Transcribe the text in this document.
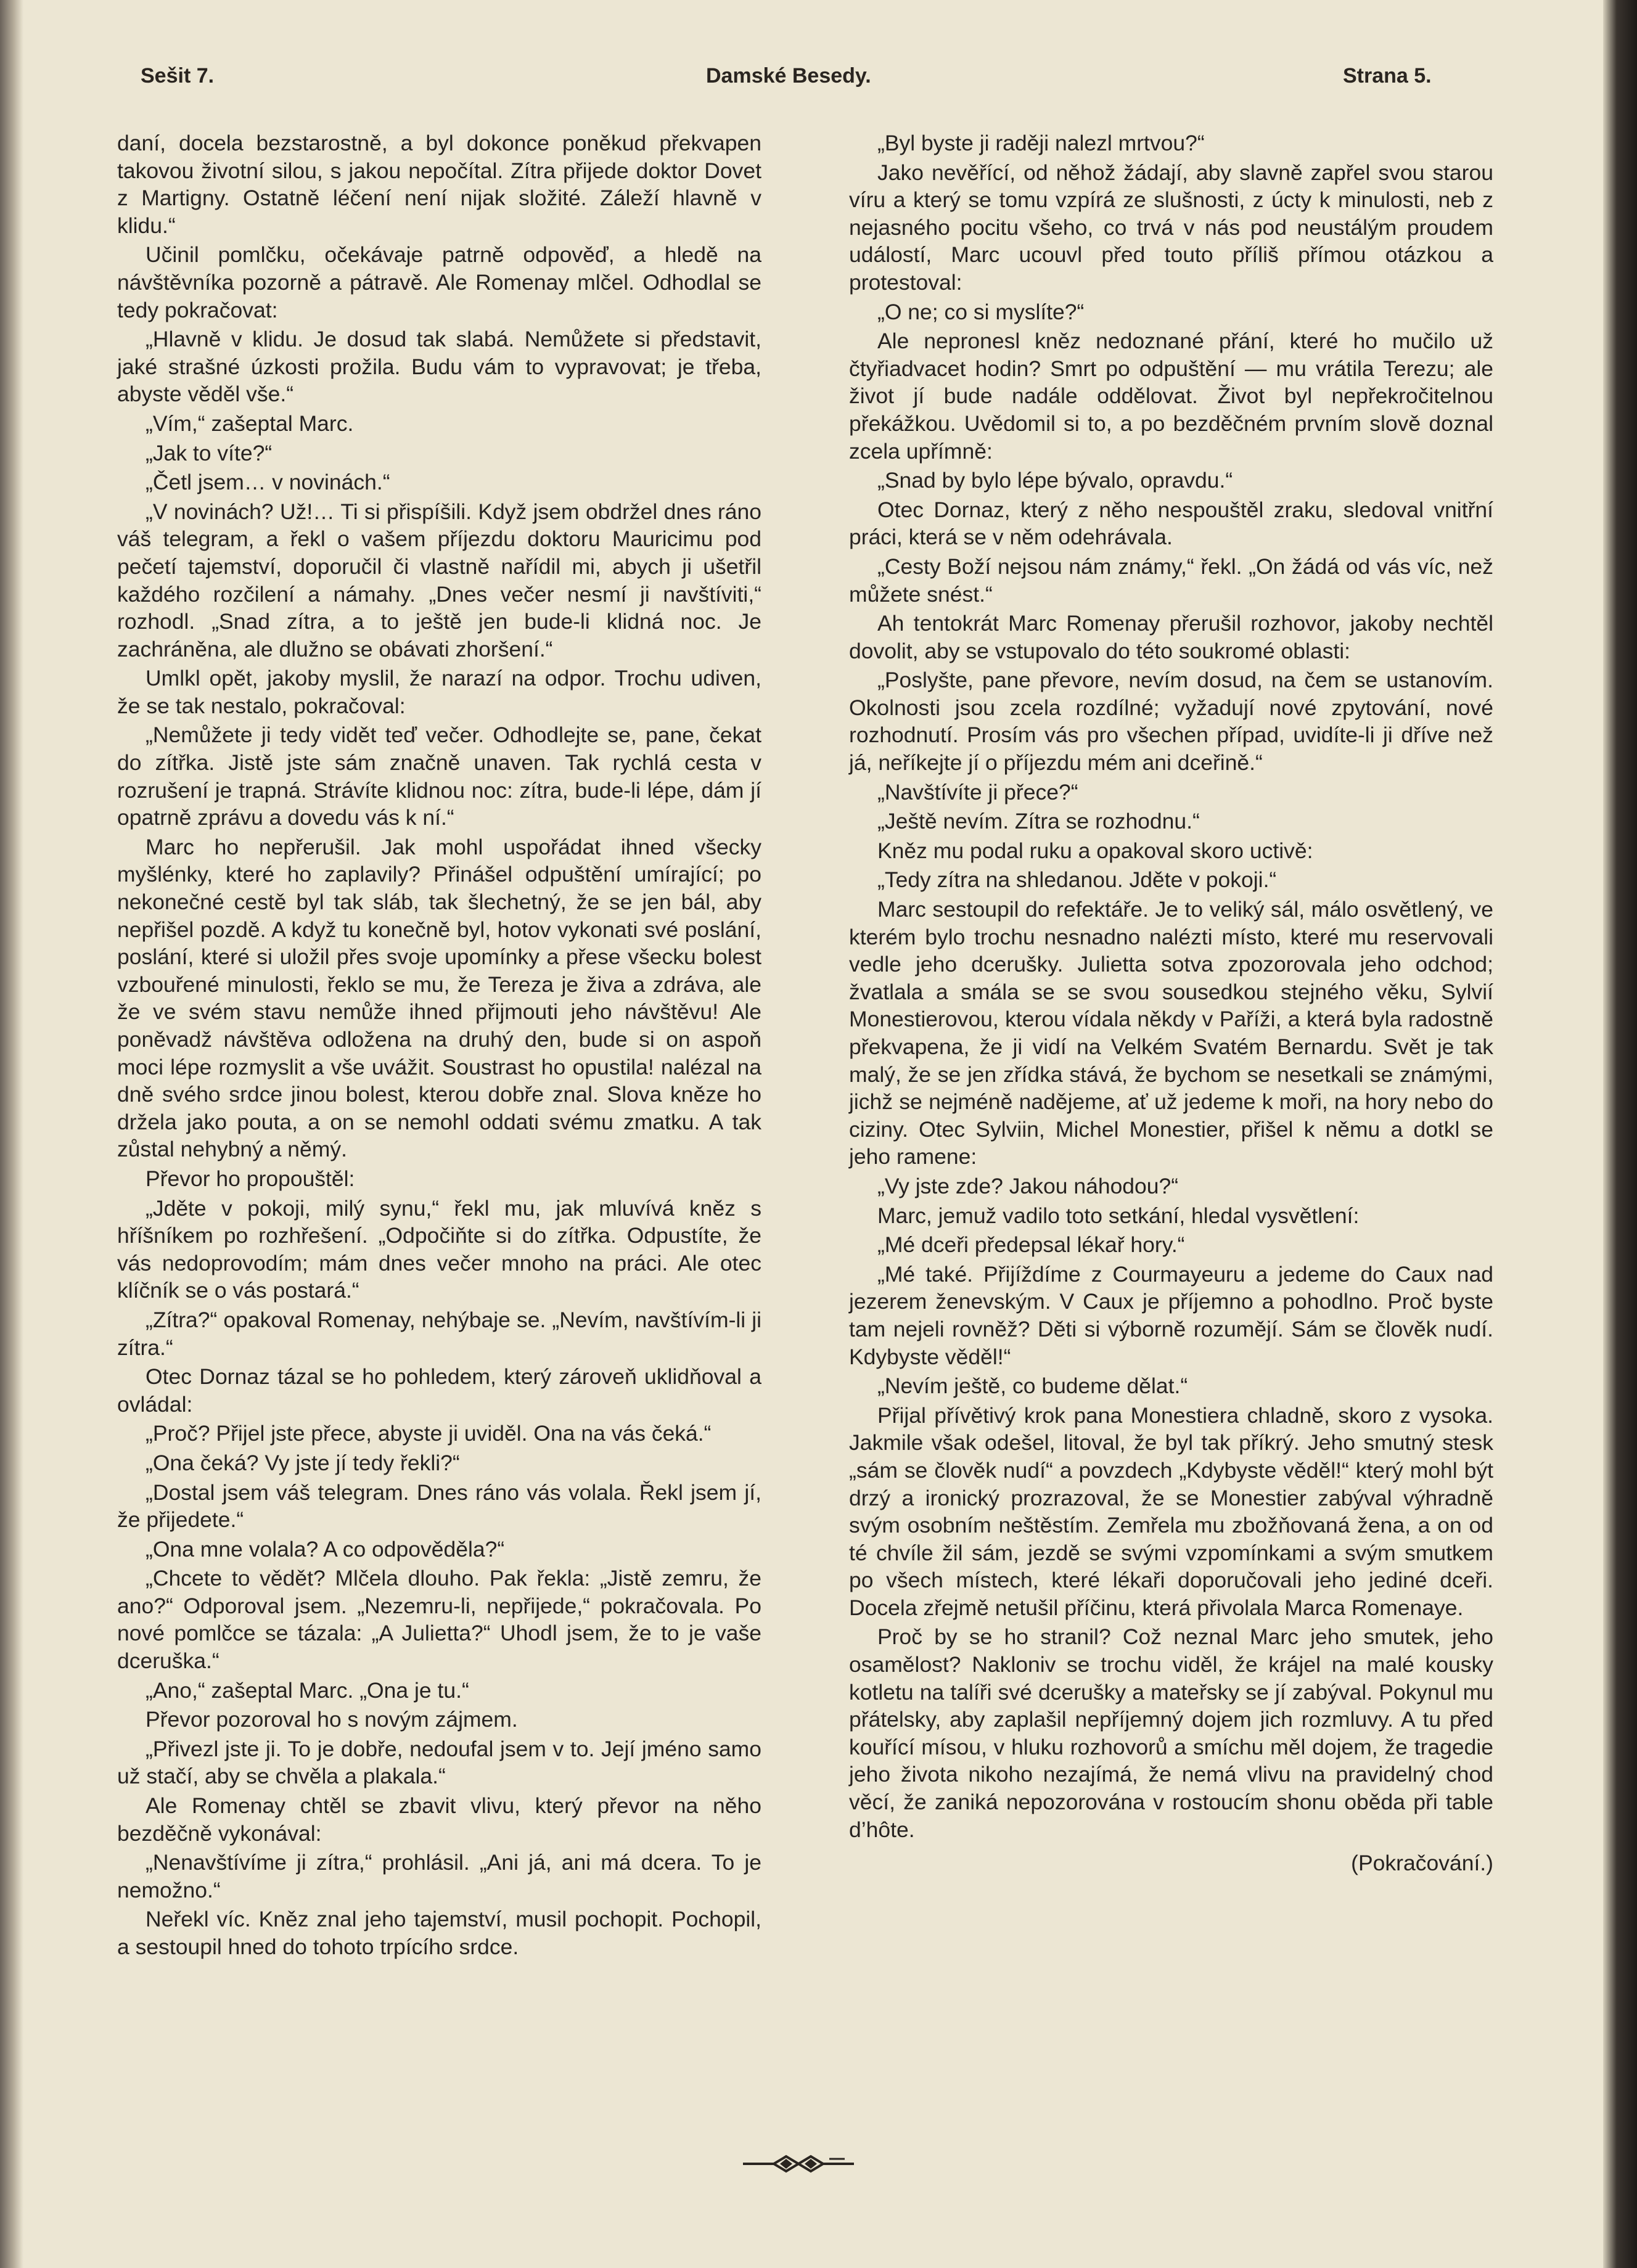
Sešit 7.	Damské Besedy.	Strana 5.

daní, docela bezstarostně, a byl dokonce poněkud překvapen takovou životní silou, s jakou nepočítal. Zítra přijede doktor Dovet z Martigny. Ostatně léčení není nijak složité. Záleží hlavně v klidu.“

Učinil pomlčku, očekávaje patrně odpověď, a hledě na návštěvníka pozorně a pátravě. Ale Romenay mlčel. Odhodlal se tedy pokračovat:

„Hlavně v klidu. Je dosud tak slabá. Nemůžete si představit, jaké strašné úzkosti prožila. Budu vám to vypravovat; je třeba, abyste věděl vše.“

„Vím,“ zašeptal Marc.

„Jak to víte?“

„Četl jsem… v novinách.“

„V novinách? Už!… Ti si přispíšili. Když jsem obdržel dnes ráno váš telegram, a řekl o vašem příjezdu doktoru Mauricimu pod pečetí tajemství, doporučil či vlastně nařídil mi, abych ji ušetřil každého rozčilení a námahy. „Dnes večer nesmí ji navštíviti,“ rozhodl. „Snad zítra, a to ještě jen bude-li klidná noc. Je zachráněna, ale dlužno se obávati zhoršení.“

Umlkl opět, jakoby myslil, že narazí na odpor. Trochu udiven, že se tak nestalo, pokračoval:

„Nemůžete ji tedy vidět teď večer. Odhodlejte se, pane, čekat do zítřka. Jistě jste sám značně unaven. Tak rychlá cesta v rozrušení je trapná. Strávíte klidnou noc: zítra, bude-li lépe, dám jí opatrně zprávu a dovedu vás k ní.“

Marc ho nepřerušil. Jak mohl uspořádat ihned všecky myšlénky, které ho zaplavily? Přinášel odpuštění umírající; po nekonečné cestě byl tak sláb, tak šlechetný, že se jen bál, aby nepřišel pozdě. A když tu konečně byl, hotov vykonati své poslání, poslání, které si uložil přes svoje upomínky a přese všecku bolest vzbouřené minulosti, řeklo se mu, že Tereza je živa a zdráva, ale že ve svém stavu nemůže ihned přijmouti jeho návštěvu! Ale poněvadž návštěva odložena na druhý den, bude si on aspoň moci lépe rozmyslit a vše uvážit. Soustrast ho opustila! nalézal na dně svého srdce jinou bolest, kterou dobře znal. Slova kněze ho držela jako pouta, a on se nemohl oddati svému zmatku. A tak zůstal nehybný a němý.

Převor ho propouštěl:

„Jděte v pokoji, milý synu,“ řekl mu, jak mluvívá kněz s hříšníkem po rozhřešení. „Odpočiňte si do zítřka. Odpustíte, že vás nedoprovodím; mám dnes večer mnoho na práci. Ale otec klíčník se o vás postará.“

„Zítra?“ opakoval Romenay, nehýbaje se. „Nevím, navštívím-li ji zítra.“

Otec Dornaz tázal se ho pohledem, který zároveň uklidňoval a ovládal:

„Proč? Přijel jste přece, abyste ji uviděl. Ona na vás čeká.“

„Ona čeká? Vy jste jí tedy řekli?“

„Dostal jsem váš telegram. Dnes ráno vás volala. Řekl jsem jí, že přijedete.“

„Ona mne volala? A co odpověděla?“

„Chcete to vědět? Mlčela dlouho. Pak řekla: „Jistě zemru, že ano?“ Odporoval jsem. „Nezemru-li, nepřijede,“ pokračovala. Po nové pomlčce se tázala: „A Julietta?“ Uhodl jsem, že to je vaše dceruška.“

„Ano,“ zašeptal Marc. „Ona je tu.“

Převor pozoroval ho s novým zájmem.

„Přivezl jste ji. To je dobře, nedoufal jsem v to. Její jméno samo už stačí, aby se chvěla a plakala.“

Ale Romenay chtěl se zbavit vlivu, který převor na něho bezděčně vykonával:

„Nenavštívíme ji zítra,“ prohlásil. „Ani já, ani má dcera. To je nemožno.“

Neřekl víc. Kněz znal jeho tajemství, musil pochopit. Pochopil, a sestoupil hned do tohoto trpícího srdce.

„Byl byste ji raději nalezl mrtvou?“

Jako nevěřící, od něhož žádají, aby slavně zapřel svou starou víru a který se tomu vzpírá ze slušnosti, z úcty k minulosti, neb z nejasného pocitu všeho, co trvá v nás pod neustálým proudem událostí, Marc ucouvl před touto příliš přímou otázkou a protestoval:

„O ne; co si myslíte?“

Ale nepronesl kněz nedoznané přání, které ho mučilo už čtyřiadvacet hodin? Smrt po odpuštění — mu vrátila Terezu; ale život jí bude nadále oddělovat. Život byl nepřekročitelnou překážkou. Uvědomil si to, a po bezděčném prvním slově doznal zcela upřímně:

„Snad by bylo lépe bývalo, opravdu.“

Otec Dornaz, který z něho nespouštěl zraku, sledoval vnitřní práci, která se v něm odehrávala.

„Cesty Boží nejsou nám známy,“ řekl. „On žádá od vás víc, než můžete snést.“

Ah tentokrát Marc Romenay přerušil rozhovor, jakoby nechtěl dovolit, aby se vstupovalo do této soukromé oblasti:

„Poslyšte, pane převore, nevím dosud, na čem se ustanovím. Okolnosti jsou zcela rozdílné; vyžadují nové zpytování, nové rozhodnutí. Prosím vás pro všechen případ, uvidíte-li ji dříve než já, neříkejte jí o příjezdu mém ani dceřině.“

„Navštívíte ji přece?“

„Ještě nevím. Zítra se rozhodnu.“

Kněz mu podal ruku a opakoval skoro uctivě:

„Tedy zítra na shledanou. Jděte v pokoji.“

Marc sestoupil do refektáře. Je to veliký sál, málo osvětlený, ve kterém bylo trochu nesnadno nalézti místo, které mu reservovali vedle jeho dcerušky. Julietta sotva zpozorovala jeho odchod; žvatlala a smála se se svou sousedkou stejného věku, Sylvií Monestierovou, kterou vídala někdy v Paříži, a která byla radostně překvapena, že ji vidí na Velkém Svatém Bernardu. Svět je tak malý, že se jen zřídka stává, že bychom se nesetkali se známými, jichž se nejméně nadějeme, ať už jedeme k moři, na hory nebo do ciziny. Otec Sylviin, Michel Monestier, přišel k němu a dotkl se jeho ramene:

„Vy jste zde? Jakou náhodou?“

Marc, jemuž vadilo toto setkání, hledal vysvětlení:

„Mé dceři předepsal lékař hory.“

„Mé také. Přijíždíme z Courmayeuru a jedeme do Caux nad jezerem ženevským. V Caux je příjemno a pohodlno. Proč byste tam nejeli rovněž? Děti si výborně rozumějí. Sám se člověk nudí. Kdybyste věděl!“

„Nevím ještě, co budeme dělat.“

Přijal přívětivý krok pana Monestiera chladně, skoro z vysoka. Jakmile však odešel, litoval, že byl tak příkrý. Jeho smutný stesk „sám se člověk nudí“ a povzdech „Kdybyste věděl!“ který mohl být drzý a ironický prozrazoval, že se Monestier zabýval výhradně svým osobním neštěstím. Zemřela mu zbožňovaná žena, a on od té chvíle žil sám, jezdě se svými vzpomínkami a svým smutkem po všech místech, které lékaři doporučovali jeho jediné dceři. Docela zřejmě netušil příčinu, která přivolala Marca Romenaye.

Proč by se ho stranil? Což neznal Marc jeho smutek, jeho osamělost? Nakloniv se trochu viděl, že krájel na malé kousky kotletu na talíři své dcerušky a mateřsky se jí zabýval. Pokynul mu přátelsky, aby zaplašil nepříjemný dojem jich rozmluvy. A tu před kouřící mísou, v hluku rozhovorů a smíchu měl dojem, že tragedie jeho života nikoho nezajímá, že nemá vlivu na pravidelný chod věcí, že zaniká nepozorována v rostoucím shonu oběda při table d’hôte.

(Pokračování.)
